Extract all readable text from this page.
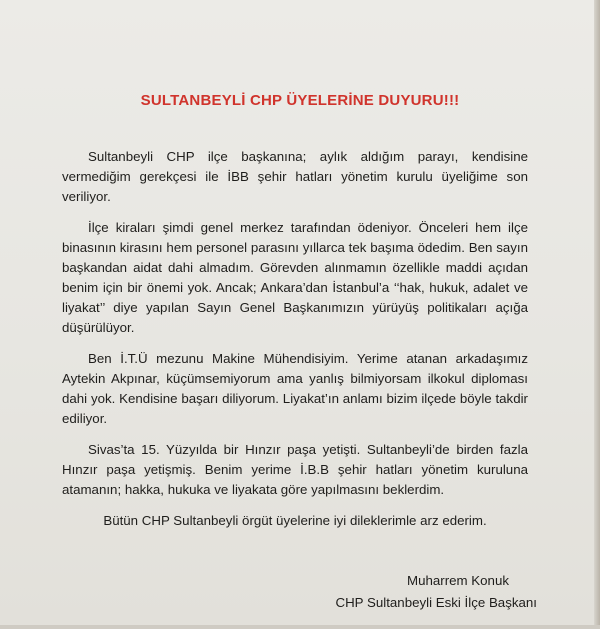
SULTANBEYLİ CHP ÜYELERİNE DUYURU!!!

Sultanbeyli CHP ilçe başkanına; aylık aldığım parayı, kendisine vermediğim gerekçesi ile İBB şehir hatları yönetim kurulu üyeliğime son veriliyor.

İlçe kiraları şimdi genel merkez tarafından ödeniyor. Önceleri hem ilçe binasının kirasını hem personel parasını yıllarca tek başıma ödedim. Ben sayın başkandan aidat dahi almadım. Görevden alınmamın özellikle maddi açıdan benim için bir önemi yok. Ancak; Ankara’dan İstanbul’a ‘‘hak, hukuk, adalet ve liyakat’’ diye yapılan Sayın Genel Başkanımızın yürüyüş politikaları açığa düşürülüyor.

Ben İ.T.Ü mezunu Makine Mühendisiyim. Yerime atanan arkadaşımız Aytekin Akpınar, küçümsemiyorum ama yanlış bilmiyorsam ilkokul diploması dahi yok. Kendisine başarı diliyorum. Liyakat’ın anlamı bizim ilçede böyle takdir ediliyor.

Sivas’ta 15. Yüzyılda bir Hınzır paşa yetişti. Sultanbeyli’de birden fazla Hınzır paşa yetişmiş. Benim yerime İ.B.B şehir hatları yönetim kuruluna atamanın; hakka, hukuka ve liyakata göre yapılmasını beklerdim.

Bütün CHP Sultanbeyli örgüt üyelerine iyi dileklerimle arz ederim.

Muharrem Konuk
CHP Sultanbeyli Eski İlçe Başkanı
